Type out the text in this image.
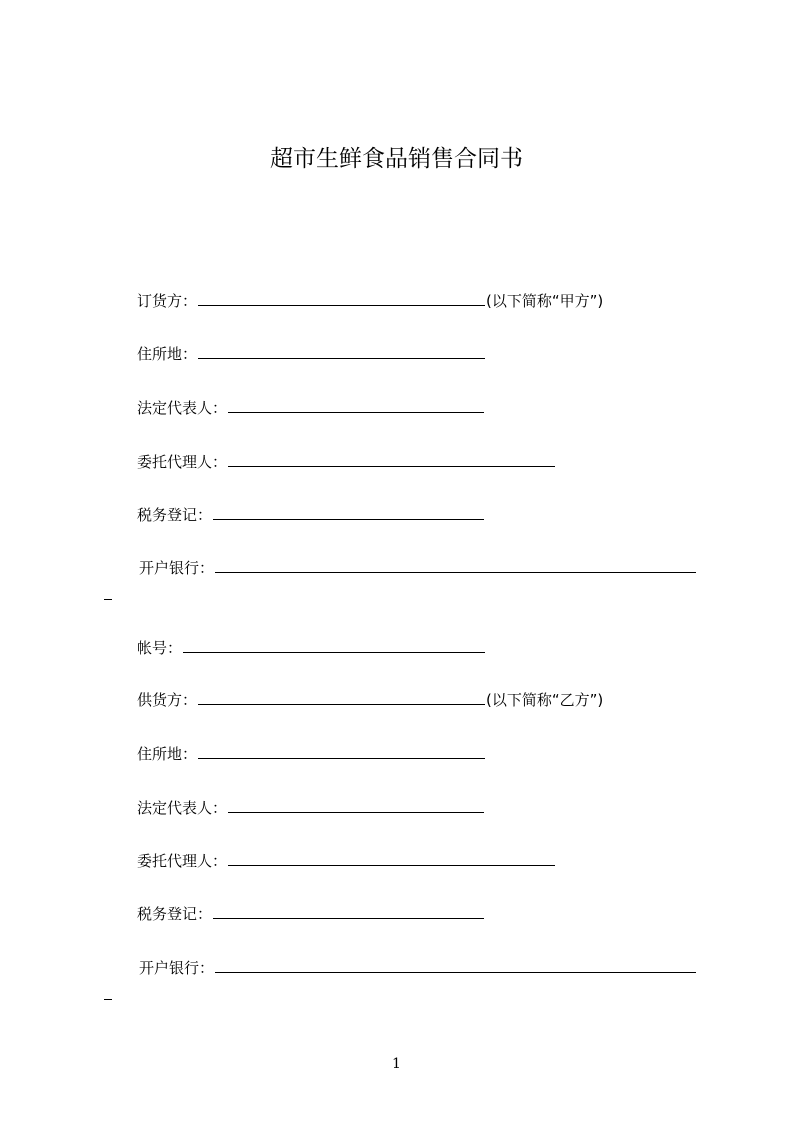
超市生鲜食品销售合同书
订货方：	(以下简称“甲方”)
住所地：
法定代表人：
委托代理人：
税务登记：
开户银行：
帐号：
供货方：	(以下简称“乙方”)
住所地：
法定代表人：
委托代理人：
税务登记：
开户银行：
1
